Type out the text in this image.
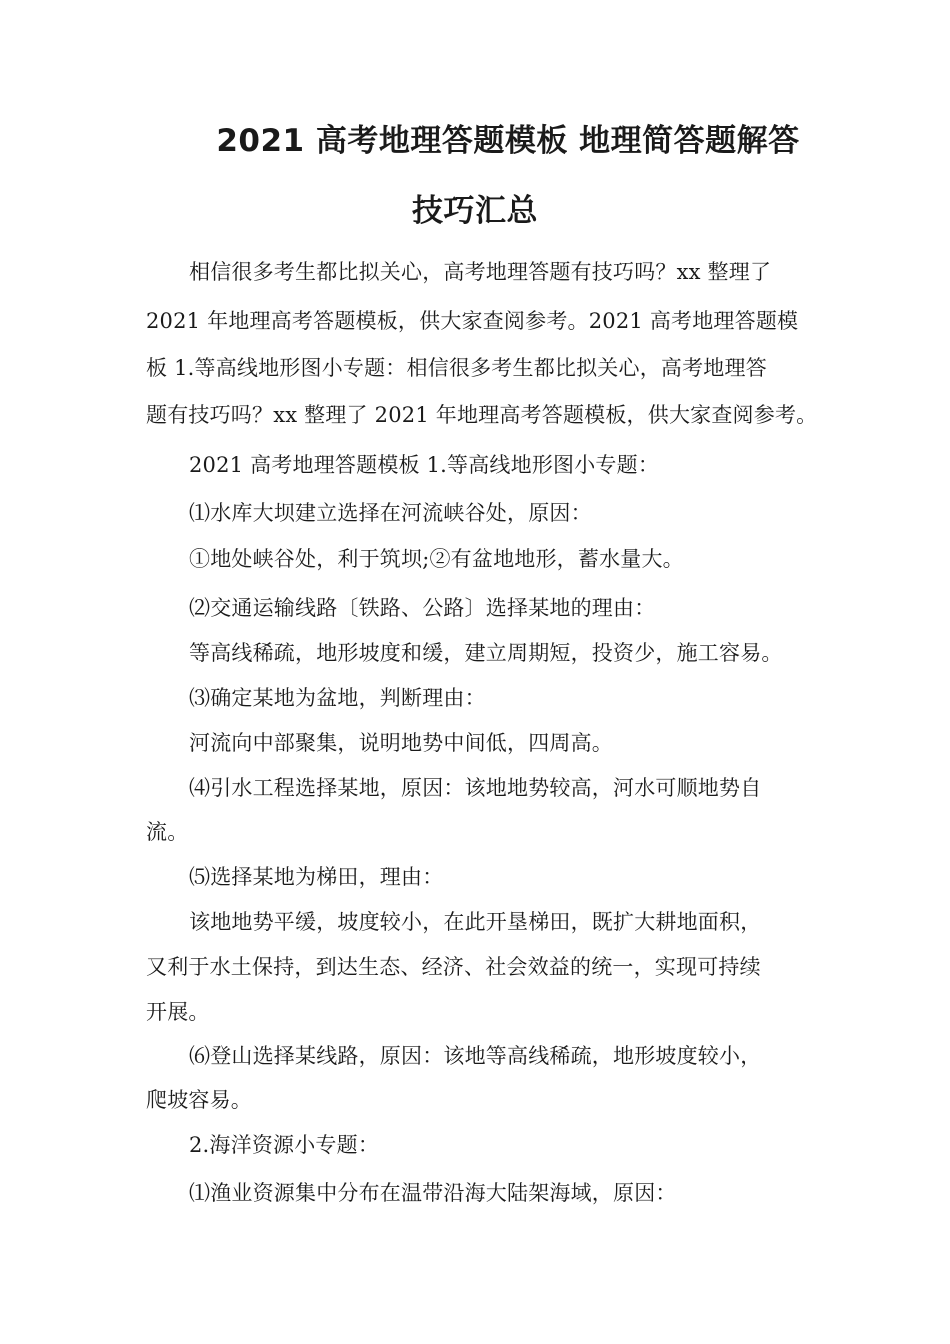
2021 高考地理答题模板 地理简答题解答
技巧汇总
相信很多考生都比拟关心，高考地理答题有技巧吗？xx 整理了
2021 年地理高考答题模板，供大家查阅参考。2021 高考地理答题模
板 1.等高线地形图小专题：相信很多考生都比拟关心，高考地理答
题有技巧吗？xx 整理了 2021 年地理高考答题模板，供大家查阅参考。
2021 高考地理答题模板 1.等高线地形图小专题：
⑴水库大坝建立选择在河流峡谷处，原因：
①地处峡谷处，利于筑坝;②有盆地地形，蓄水量大。
⑵交通运输线路〔铁路、公路〕选择某地的理由：
等高线稀疏，地形坡度和缓，建立周期短，投资少，施工容易。
⑶确定某地为盆地，判断理由：
河流向中部聚集，说明地势中间低，四周高。
⑷引水工程选择某地，原因：该地地势较高，河水可顺地势自
流。
⑸选择某地为梯田，理由：
该地地势平缓，坡度较小，在此开垦梯田，既扩大耕地面积，
又利于水土保持，到达生态、经济、社会效益的统一，实现可持续
开展。
⑹登山选择某线路，原因：该地等高线稀疏，地形坡度较小，
爬坡容易。
2.海洋资源小专题：
⑴渔业资源集中分布在温带沿海大陆架海域，原因：
